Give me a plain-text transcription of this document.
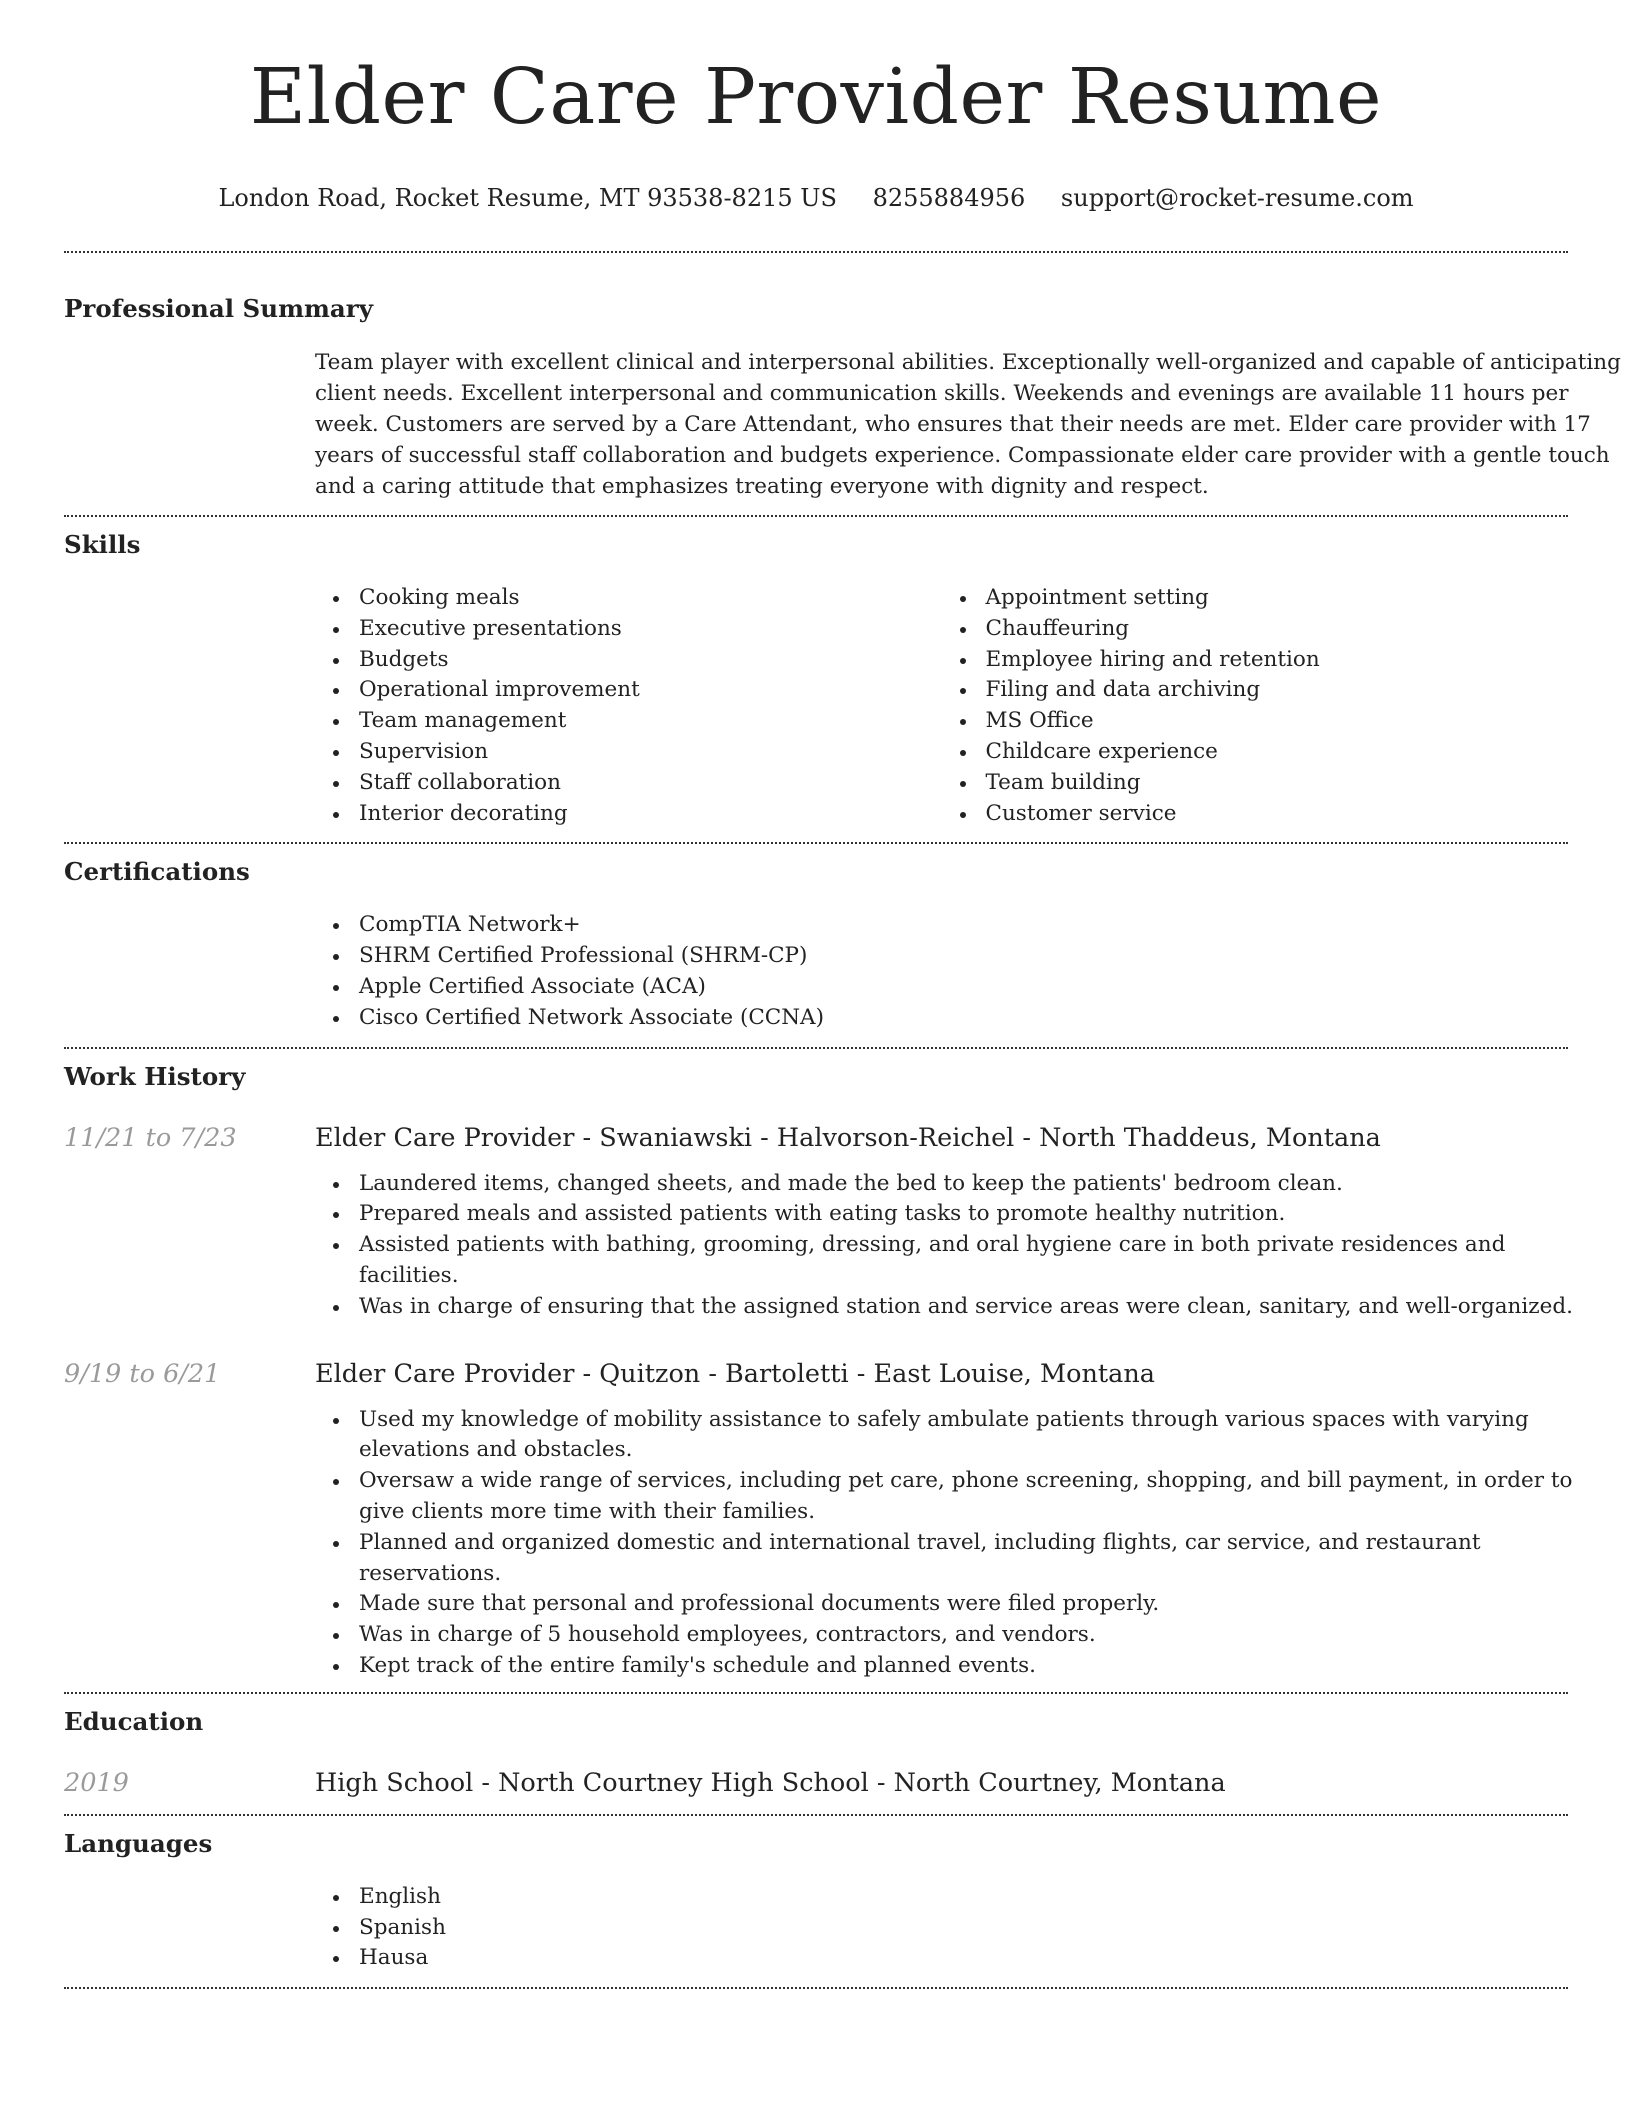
Elder Care Provider Resume
London Road, Rocket Resume, MT 93538-8215 US 8255884956 support@rocket-resume.com
Professional Summary
Team player with excellent clinical and interpersonal abilities. Exceptionally well-organized and capable of anticipating client needs. Excellent interpersonal and communication skills. Weekends and evenings are available 11 hours per week. Customers are served by a Care Attendant, who ensures that their needs are met. Elder care provider with 17 years of successful staff collaboration and budgets experience. Compassionate elder care provider with a gentle touch and a caring attitude that emphasizes treating everyone with dignity and respect.
Skills
Cooking meals
Executive presentations
Budgets
Operational improvement
Team management
Supervision
Staff collaboration
Interior decorating
Appointment setting
Chauffeuring
Employee hiring and retention
Filing and data archiving
MS Office
Childcare experience
Team building
Customer service
Certifications
CompTIA Network+
SHRM Certified Professional (SHRM-CP)
Apple Certified Associate (ACA)
Cisco Certified Network Associate (CCNA)
Work History
11/21 to 7/23	Elder Care Provider - Swaniawski - Halvorson-Reichel - North Thaddeus, Montana
Laundered items, changed sheets, and made the bed to keep the patients' bedroom clean.
Prepared meals and assisted patients with eating tasks to promote healthy nutrition.
Assisted patients with bathing, grooming, dressing, and oral hygiene care in both private residences and facilities.
Was in charge of ensuring that the assigned station and service areas were clean, sanitary, and well-organized.
9/19 to 6/21	Elder Care Provider - Quitzon - Bartoletti - East Louise, Montana
Used my knowledge of mobility assistance to safely ambulate patients through various spaces with varying elevations and obstacles.
Oversaw a wide range of services, including pet care, phone screening, shopping, and bill payment, in order to give clients more time with their families.
Planned and organized domestic and international travel, including flights, car service, and restaurant reservations.
Made sure that personal and professional documents were filed properly.
Was in charge of 5 household employees, contractors, and vendors.
Kept track of the entire family's schedule and planned events.
Education
2019	High School - North Courtney High School - North Courtney, Montana
Languages
English
Spanish
Hausa
